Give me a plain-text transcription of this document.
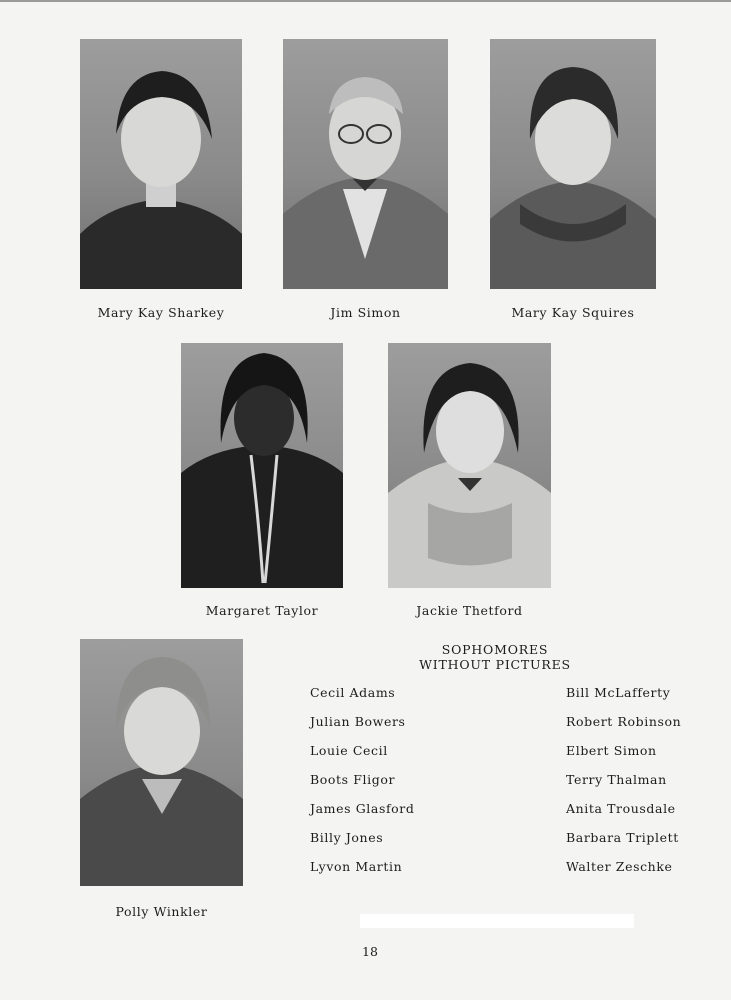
Mary Kay Sharkey	Jim Simon	Mary Kay Squires
Margaret Taylor	Jackie Thetford
Polly Winkler
SOPHOMORES
WITHOUT PICTURES
Cecil Adams
Julian Bowers
Louie Cecil
Boots Fligor
James Glasford
Billy Jones
Lyvon Martin
Bill McLafferty
Robert Robinson
Elbert Simon
Terry Thalman
Anita Trousdale
Barbara Triplett
Walter Zeschke
18
